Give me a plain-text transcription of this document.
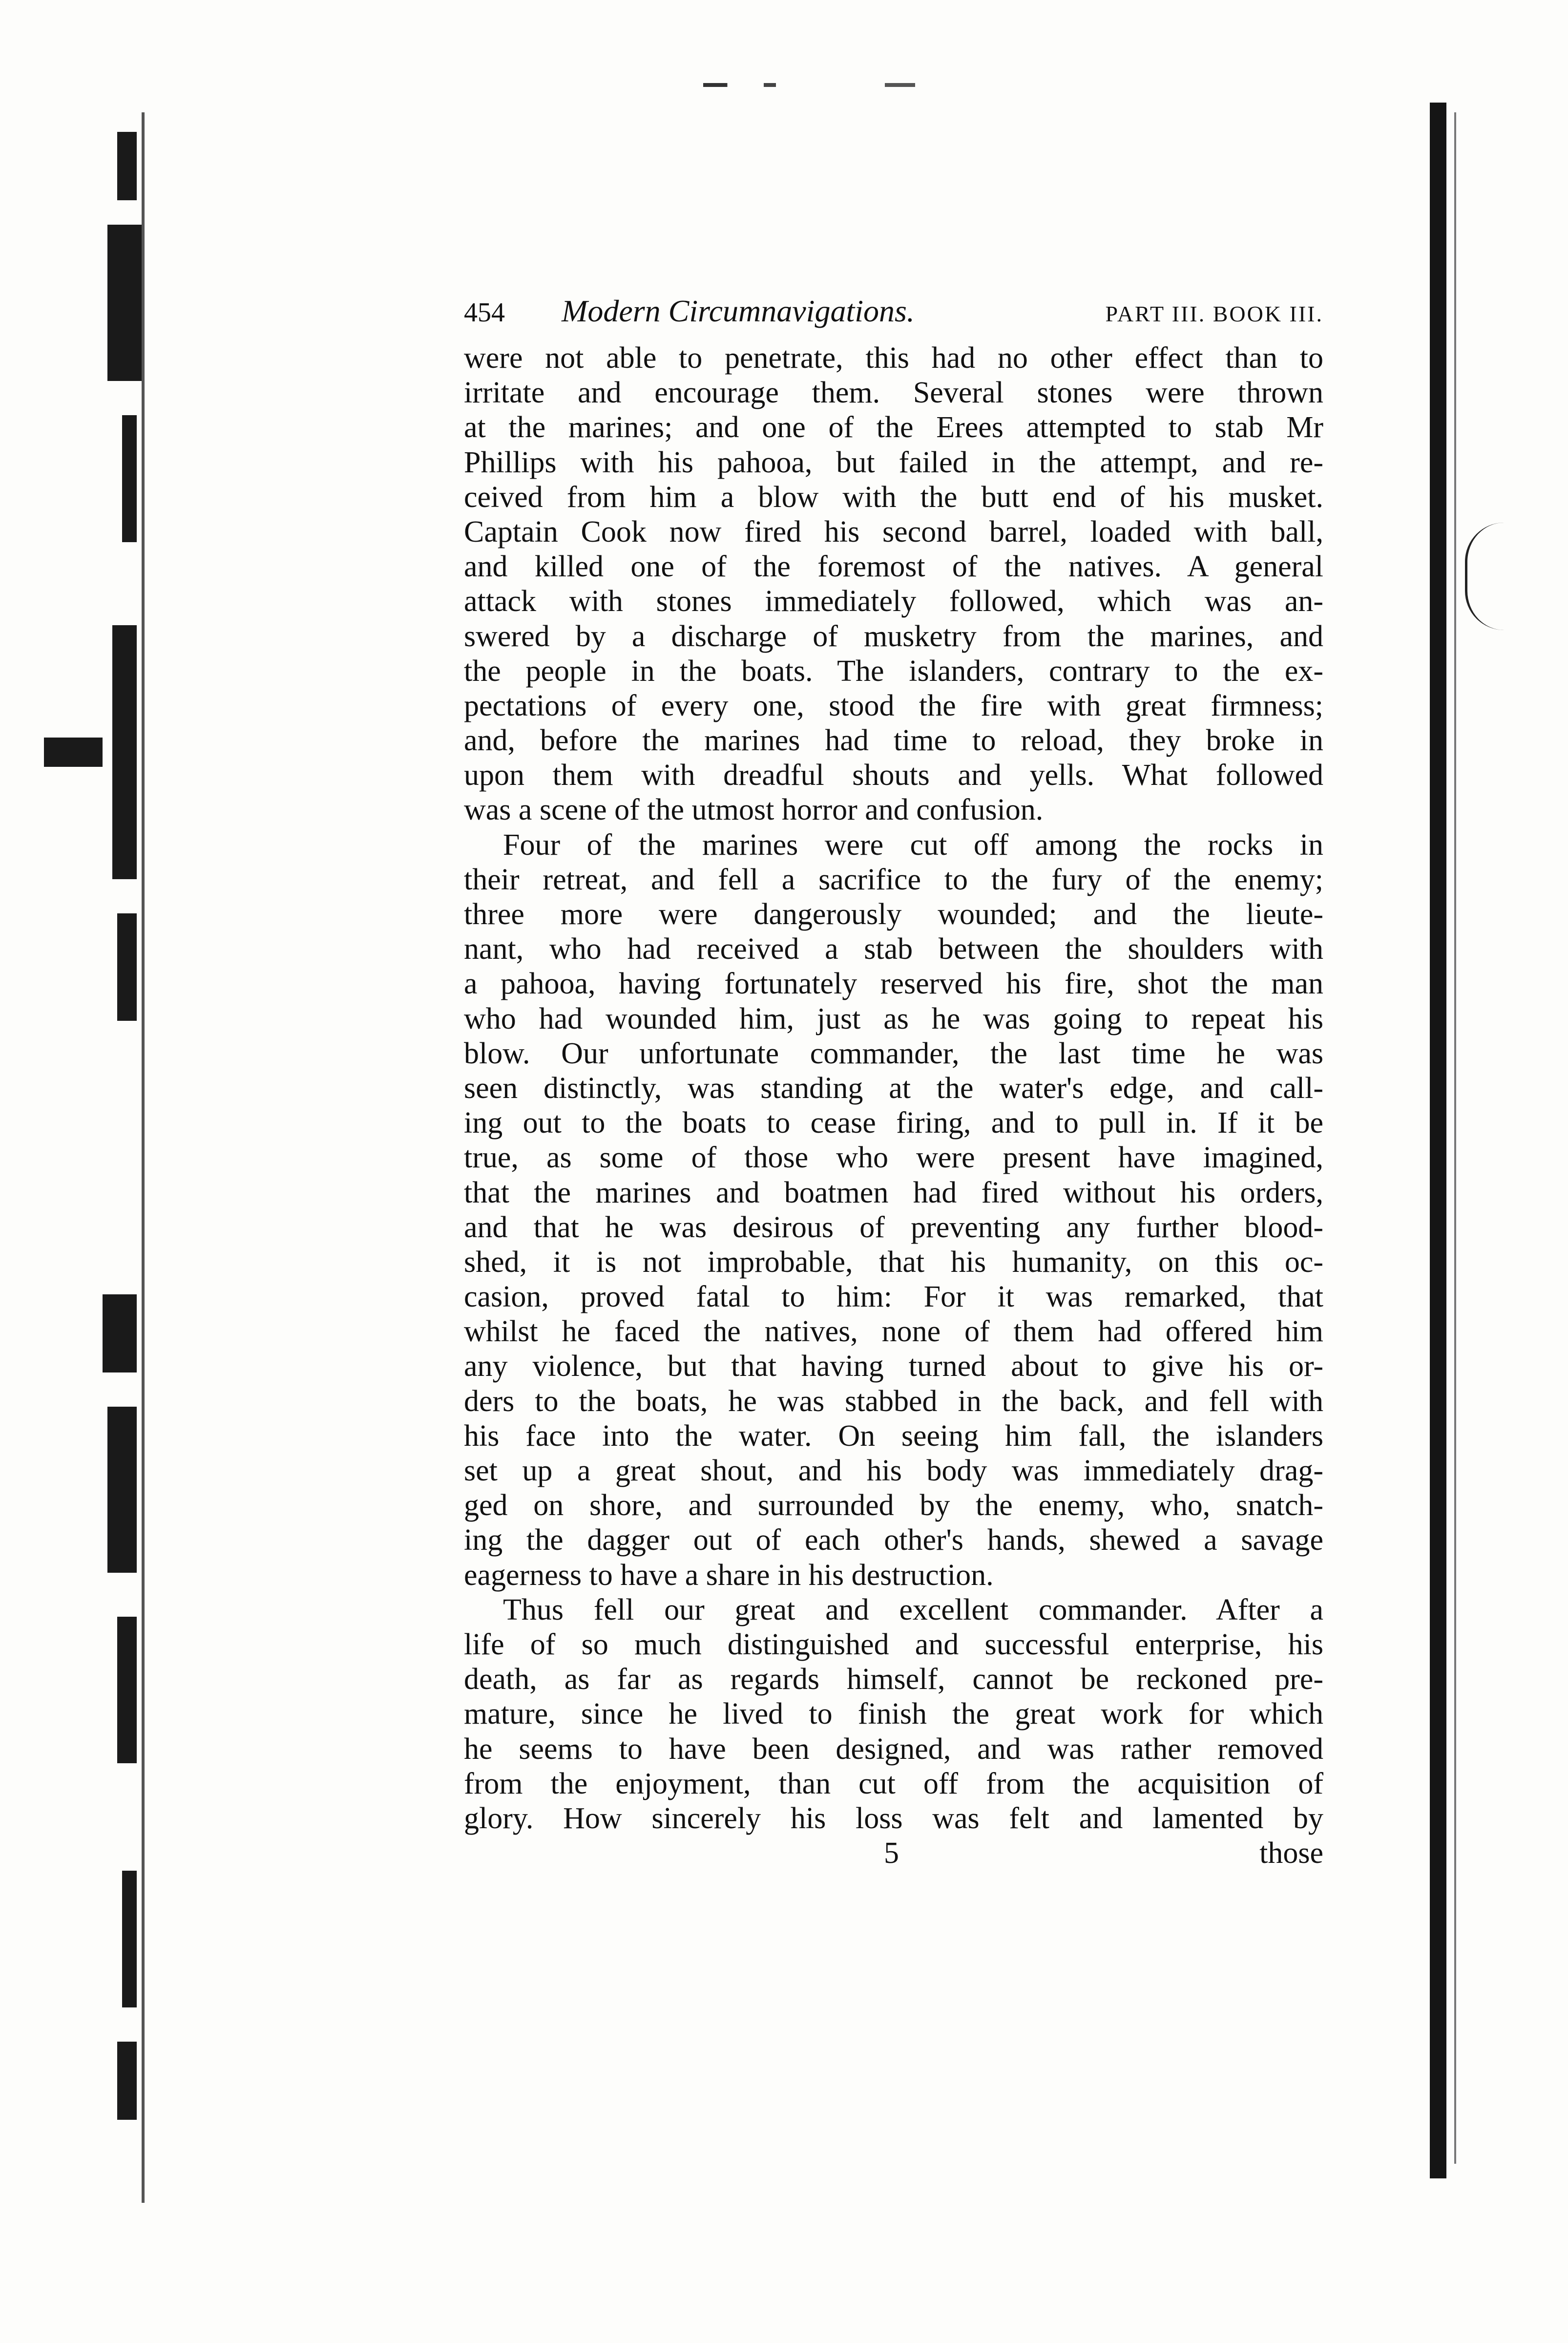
454	Modern Circumnavigations.	PART III. BOOK III.
were not able to penetrate, this had no other effect than to
irritate and encourage them. Several stones were thrown
at the marines; and one of the Erees attempted to stab Mr
Phillips with his pahooa, but failed in the attempt, and re-
ceived from him a blow with the butt end of his musket.
Captain Cook now fired his second barrel, loaded with ball,
and killed one of the foremost of the natives. A general
attack with stones immediately followed, which was an-
swered by a discharge of musketry from the marines, and
the people in the boats. The islanders, contrary to the ex-
pectations of every one, stood the fire with great firmness;
and, before the marines had time to reload, they broke in
upon them with dreadful shouts and yells. What followed
was a scene of the utmost horror and confusion.
Four of the marines were cut off among the rocks in
their retreat, and fell a sacrifice to the fury of the enemy;
three more were dangerously wounded; and the lieute-
nant, who had received a stab between the shoulders with
a pahooa, having fortunately reserved his fire, shot the man
who had wounded him, just as he was going to repeat his
blow. Our unfortunate commander, the last time he was
seen distinctly, was standing at the water's edge, and call-
ing out to the boats to cease firing, and to pull in. If it be
true, as some of those who were present have imagined,
that the marines and boatmen had fired without his orders,
and that he was desirous of preventing any further blood-
shed, it is not improbable, that his humanity, on this oc-
casion, proved fatal to him: For it was remarked, that
whilst he faced the natives, none of them had offered him
any violence, but that having turned about to give his or-
ders to the boats, he was stabbed in the back, and fell with
his face into the water. On seeing him fall, the islanders
set up a great shout, and his body was immediately drag-
ged on shore, and surrounded by the enemy, who, snatch-
ing the dagger out of each other's hands, shewed a savage
eagerness to have a share in his destruction.
Thus fell our great and excellent commander. After a
life of so much distinguished and successful enterprise, his
death, as far as regards himself, cannot be reckoned pre-
mature, since he lived to finish the great work for which
he seems to have been designed, and was rather removed
from the enjoyment, than cut off from the acquisition of
glory. How sincerely his loss was felt and lamented by
5	those
